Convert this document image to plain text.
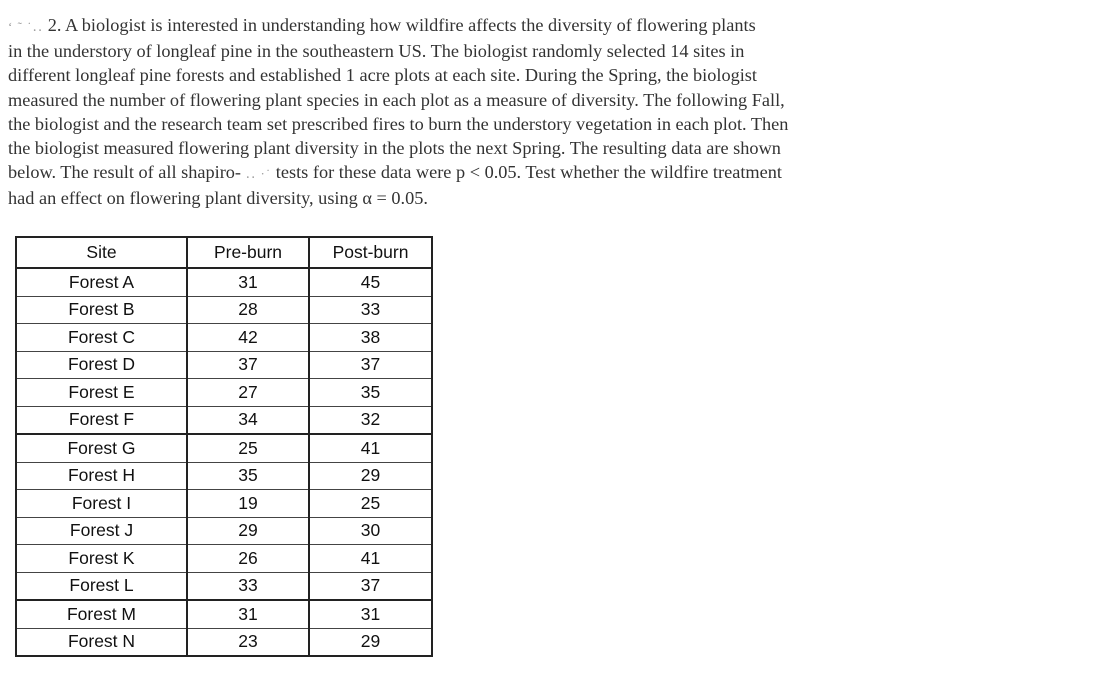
‘ ˜ ˙․․ 2. A biologist is interested in understanding how wildfire affects the diversity of flowering plants
in the understory of longleaf pine in the southeastern US. The biologist randomly selected 14 sites in
different longleaf pine forests and established 1 acre plots at each site. During the Spring, the biologist
measured the number of flowering plant species in each plot as a measure of diversity. The following Fall,
the biologist and the research team set prescribed fires to burn the understory vegetation in each plot. Then
the biologist measured flowering plant diversity in the plots the next Spring. The resulting data are shown
below. The result of all shapiro- ․․ ·˙ tests for these data were p < 0.05. Test whether the wildfire treatment
had an effect on flowering plant diversity, using α = 0.05.

Site	Pre-burn	Post-burn
Forest A	31	45
Forest B	28	33
Forest C	42	38
Forest D	37	37
Forest E	27	35
Forest F	34	32
Forest G	25	41
Forest H	35	29
Forest I	19	25
Forest J	29	30
Forest K	26	41
Forest L	33	37
Forest M	31	31
Forest N	23	29
